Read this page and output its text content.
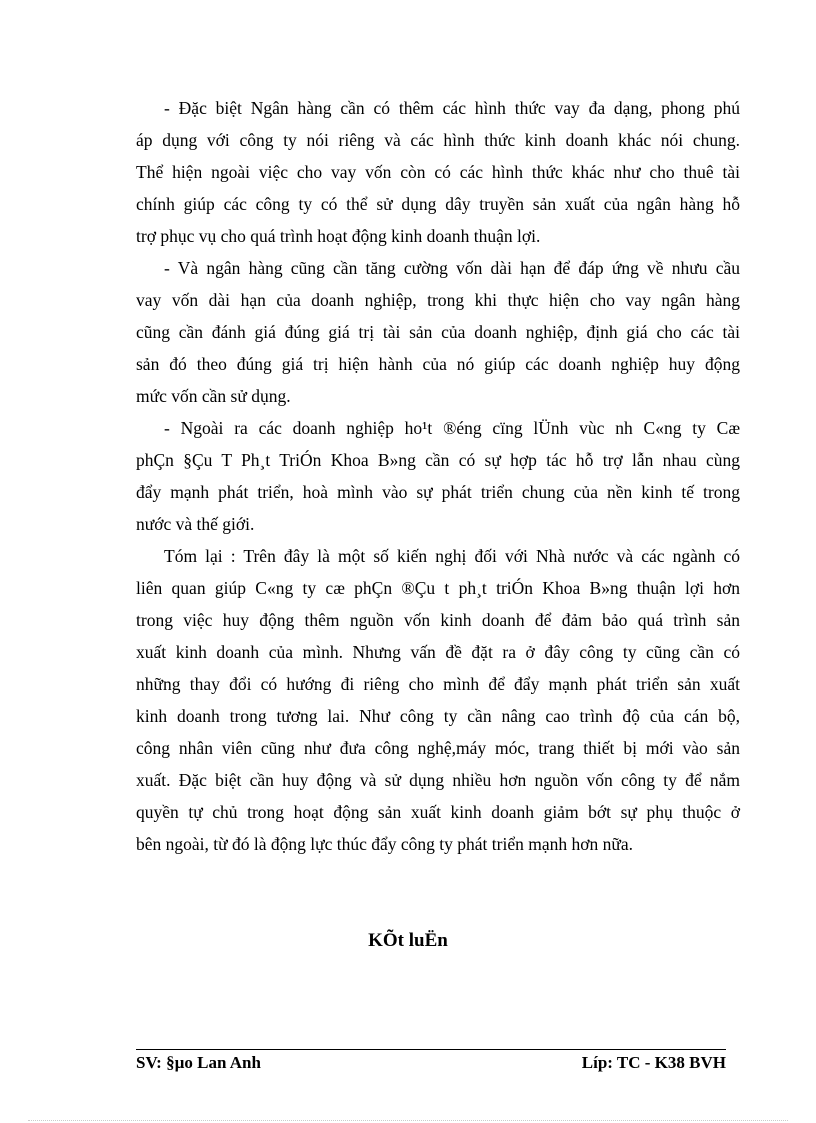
- Đặc biệt Ngân hàng cần có thêm các hình thức vay đa dạng, phong phú
áp dụng với công ty nói riêng và các hình thức kinh doanh khác nói chung.
Thể hiện ngoài việc cho vay vốn còn có các hình thức khác như cho thuê tài
chính giúp các công ty có thể sử dụng dây truyền sản xuất của ngân hàng hỗ
trợ phục vụ cho quá trình hoạt động kinh doanh thuận lợi.
- Và ngân hàng cũng cần tăng cường vốn dài hạn để đáp ứng về nhưu cầu
vay vốn dài hạn của doanh nghiệp, trong khi thực hiện cho vay ngân hàng
cũng cần đánh giá đúng giá trị tài sản của doanh nghiệp, định giá cho các tài
sản đó theo đúng giá trị hiện hành của nó giúp các doanh nghiệp huy động
mức vốn cần sử dụng.
- Ngoài ra các doanh nghiệp ho¹t ®éng cïng lÜnh vùc nh C«ng ty Cæ
phÇn §Çu T Ph¸t TriÓn Khoa B»ng cần có sự hợp tác hỗ trợ lẫn nhau cùng
đẩy mạnh phát triển, hoà mình vào sự phát triển chung của nền kinh tế trong
nước và thế giới.
Tóm lại : Trên đây là một số kiến nghị đối với Nhà nước và các ngành có
liên quan giúp C«ng ty cæ phÇn ®Çu t ph¸t triÓn Khoa B»ng thuận lợi hơn
trong việc huy động thêm nguồn vốn kinh doanh để đảm bảo quá trình sản
xuất kinh doanh của mình. Nhưng vấn đề đặt ra ở đây công ty cũng cần có
những thay đổi có hướng đi riêng cho mình để đẩy mạnh phát triển sản xuất
kinh doanh trong tương lai. Như công ty cần nâng cao trình độ của cán bộ,
công nhân viên cũng như đưa công nghệ,máy móc, trang thiết bị mới vào sản
xuất. Đặc biệt cần huy động và sử dụng nhiều hơn nguồn vốn công ty để nắm
quyền tự chủ trong hoạt động sản xuất kinh doanh giảm bớt sự phụ thuộc ở
bên ngoài, từ đó là động lực thúc đẩy công ty phát triển mạnh hơn nữa.
KÕt luËn
SV: §µo Lan Anh	Líp: TC - K38 BVH
